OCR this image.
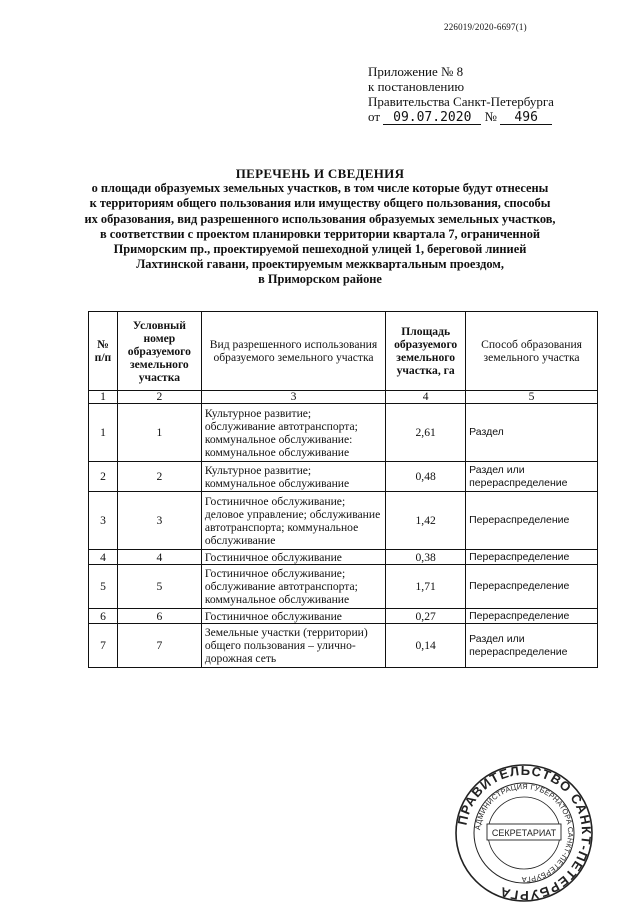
226019/2020-6697(1)
Приложение № 8
к постановлению
Правительства Санкт-Петербурга
от 09.07.2020 № 496
ПЕРЕЧЕНЬ И СВЕДЕНИЯ
о площади образуемых земельных участков, в том числе которые будут отнесены
к территориям общего пользования или имуществу общего пользования, способы
их образования, вид разрешенного использования образуемых земельных участков,
в соответствии с проектом планировки территории квартала 7, ограниченной
Приморским пр., проектируемой пешеходной улицей 1, береговой линией
Лахтинской гавани, проектируемым межквартальным проездом,
в Приморском районе
№ п/п	Условный номер образуемого земельного участка	Вид разрешенного использования образуемого земельного участка	Площадь образуемого земельного участка, га	Способ образования земельного участка
1	2	3	4	5
1	1	Культурное развитие; обслуживание автотранспорта; коммунальное обслуживание: коммунальное обслуживание	2,61	Раздел
2	2	Культурное развитие; коммунальное обслуживание	0,48	Раздел или перераспределение
3	3	Гостиничное обслуживание; деловое управление; обслуживание автотранспорта; коммунальное обслуживание	1,42	Перераспределение
4	4	Гостиничное обслуживание	0,38	Перераспределение
5	5	Гостиничное обслуживание; обслуживание автотранспорта; коммунальное обслуживание	1,71	Перераспределение
6	6	Гостиничное обслуживание	0,27	Перераспределение
7	7	Земельные участки (территории) общего пользования – улично-дорожная сеть	0,14	Раздел или перераспределение
ПРАВИТЕЛЬСТВО САНКТ-ПЕТЕРБУРГА
АДМИНИСТРАЦИЯ ГУБЕРНАТОРА САНКТ-ПЕТЕРБУРГА
СЕКРЕТАРИАТ
